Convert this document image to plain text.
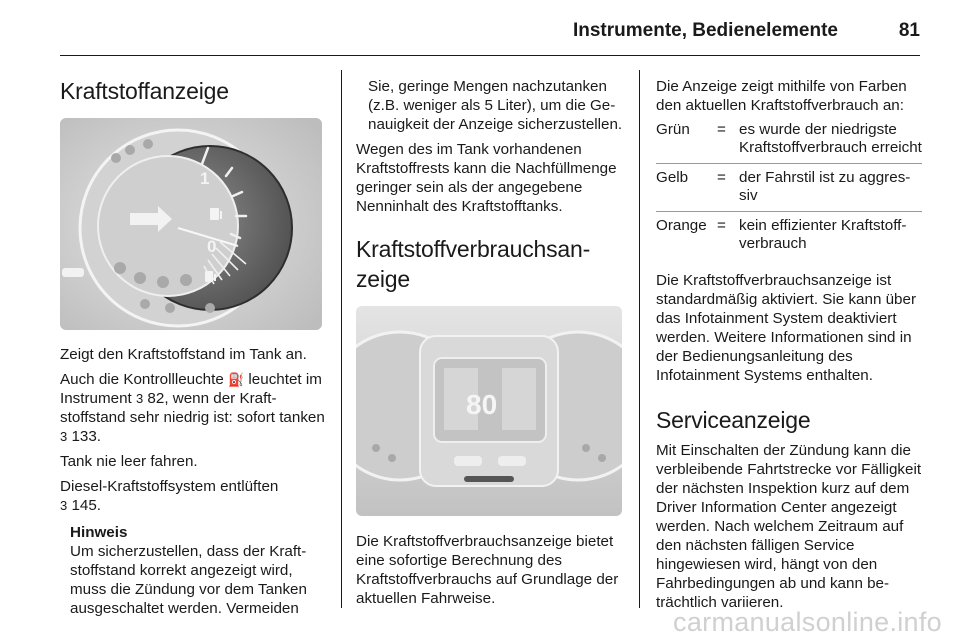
Instrumente, Bedienelemente	81
Kraftstoffanzeige
1
0

Zeigt den Kraftstoffstand im Tank an.

Auch die Kontrollleuchte ⛽ leuchtet im Instrument 3 82, wenn der Kraftstoffstand sehr niedrig ist: sofort tanken 3 133.

Tank nie leer fahren.

Diesel-Kraftstoffsystem entlüften
3 145.

Hinweis

Um sicherzustellen, dass der Kraftstoffstand korrekt angezeigt wird, muss die Zündung vor dem Tanken ausgeschaltet werden. Vermeiden

Sie, geringe Mengen nachzutanken (z.B. weniger als 5 Liter), um die Genauigkeit der Anzeige sicherzustellen.

Wegen des im Tank vorhandenen Kraftstoffrests kann die Nachfüllmenge geringer sein als der angegebene Nenninhalt des Kraftstofftanks.

Kraftstoffverbrauchsanzeige
80

Die Kraftstoffverbrauchsanzeige bietet eine sofortige Berechnung des Kraftstoffverbrauchs auf Grundlage der aktuellen Fahrweise.

Die Anzeige zeigt mithilfe von Farben den aktuellen Kraftstoffverbrauch an:

Grün	=	es wurde der niedrigste Kraftstoffverbrauch erreicht
Gelb	=	der Fahrstil ist zu aggressiv
Orange	=	kein effizienter Kraftstoffverbrauch

Die Kraftstoffverbrauchsanzeige ist standardmäßig aktiviert. Sie kann über das Infotainment System deaktiviert werden. Weitere Informationen sind in der Bedienungsanleitung des Infotainment Systems enthalten.

Serviceanzeige

Mit Einschalten der Zündung kann die verbleibende Fahrtstrecke vor Fälligkeit der nächsten Inspektion kurz auf dem Driver Information Center angezeigt werden. Nach welchem Zeitraum auf den nächsten fälligen Service hingewiesen wird, hängt von den Fahrbedingungen ab und kann beträchtlich variieren.

carmanualsonline.info
